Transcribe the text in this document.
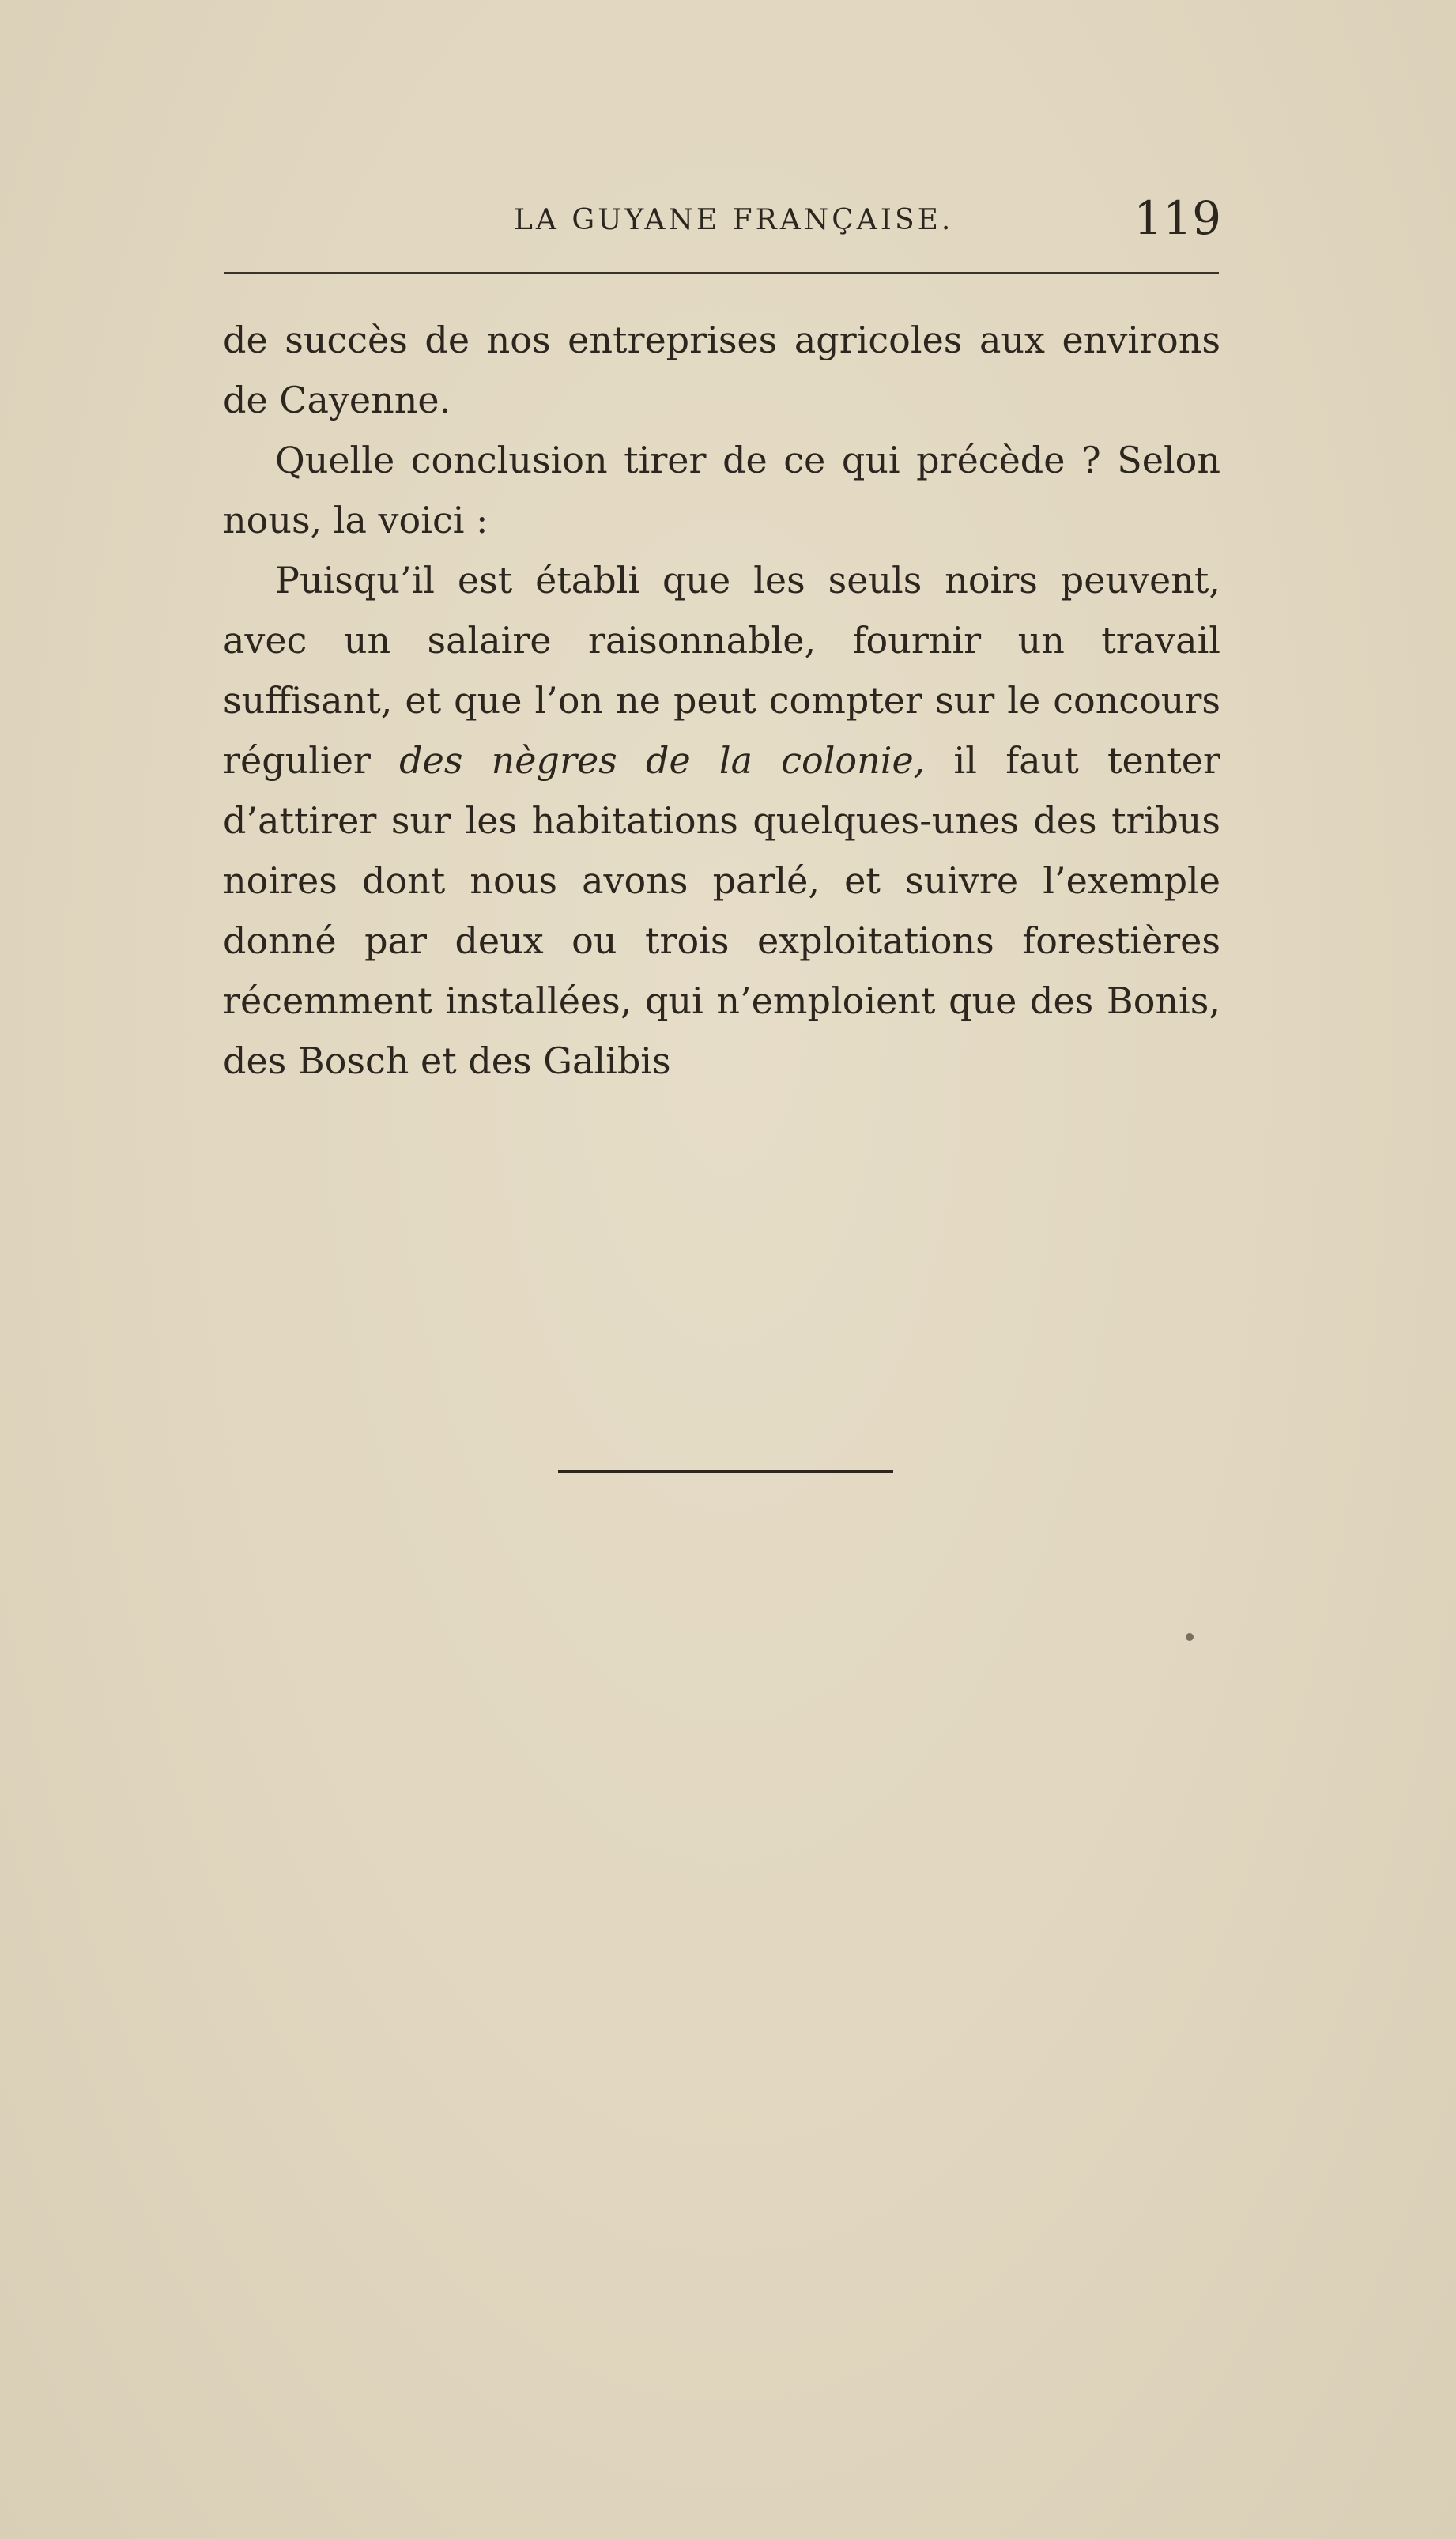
LA GUYANE FRANÇAISE.	119

de succès de nos entreprises agricoles aux environs de Cayenne.

Quelle conclusion tirer de ce qui précède ? Selon nous, la voici :

Puisqu’il est établi que les seuls noirs peuvent, avec un salaire raisonnable, fournir un travail suffisant, et que l’on ne peut compter sur le concours régulier des nègres de la colonie, il faut tenter d’attirer sur les habitations quelques-unes des tribus noires dont nous avons parlé, et suivre l’exemple donné par deux ou trois exploitations forestières récemment installées, qui n’emploient que des Bonis, des Bosch et des Galibis
